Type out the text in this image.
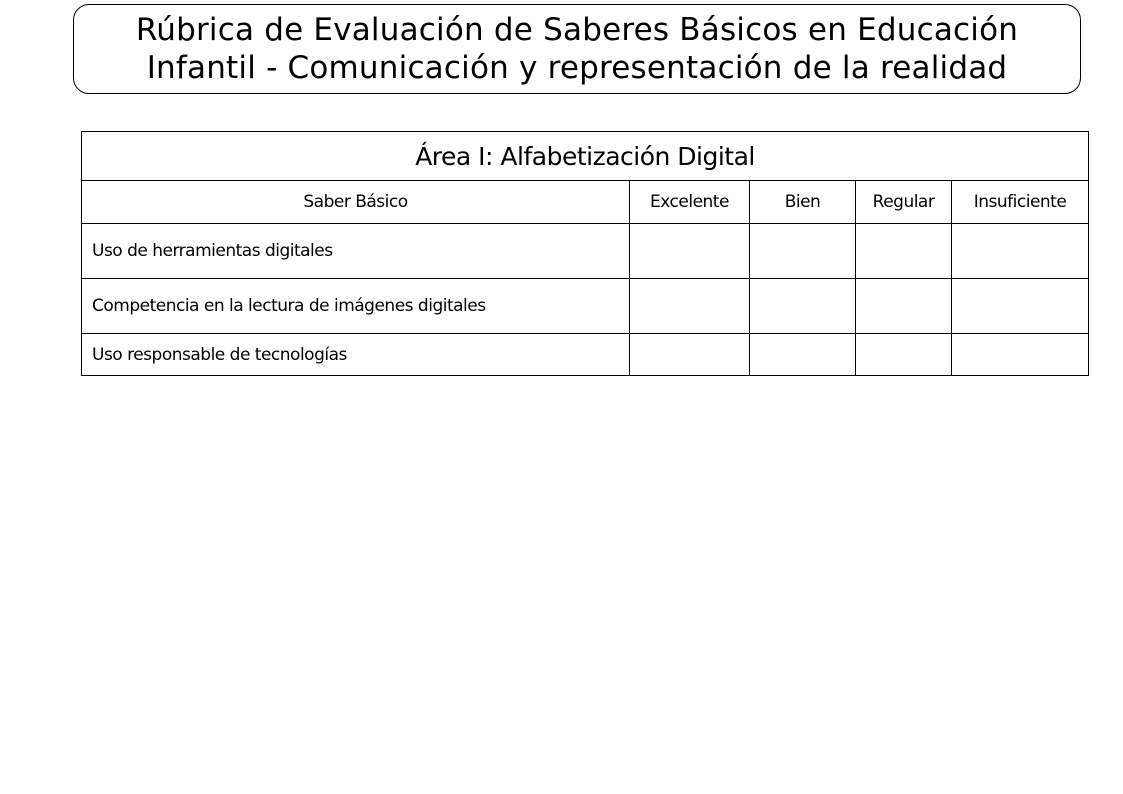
Rúbrica de Evaluación de Saberes Básicos en Educación
Infantil - Comunicación y representación de la realidad
Área I: Alfabetización Digital				
Saber Básico	Excelente	Bien	Regular	Insuficiente
Uso de herramientas digitales				
Competencia en la lectura de imágenes digitales				
Uso responsable de tecnologías				
